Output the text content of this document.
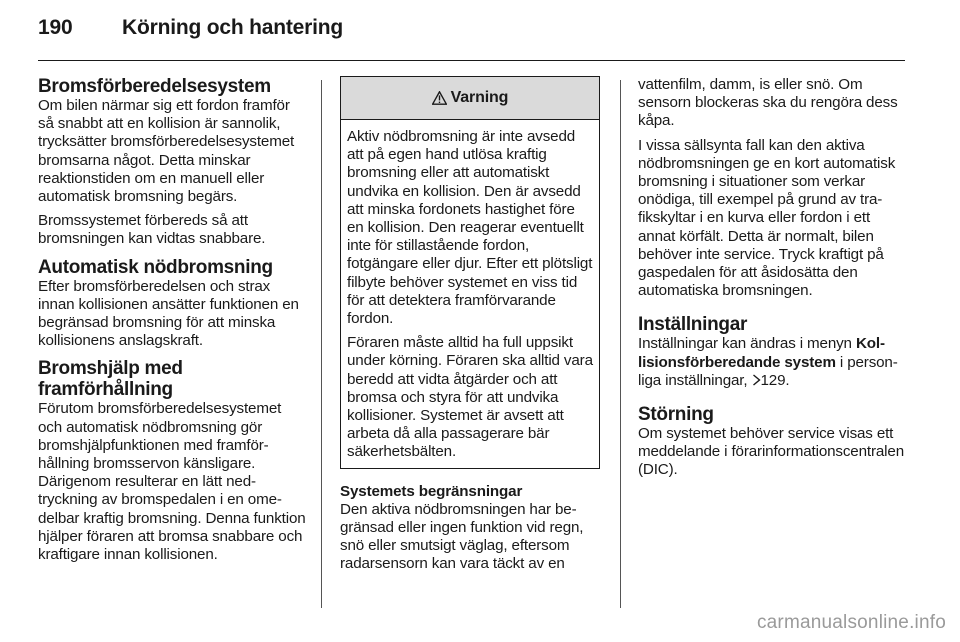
190 Körning och hantering
Bromsförberedelsesystem

Om bilen närmar sig ett fordon framför så snabbt att en kollision är sannolik, trycksätter bromsförberedelsesystemet bromsarna något. Detta minskar reaktionstiden om en manuell eller automatisk bromsning begärs.

Bromssystemet förbereds så att bromsningen kan vidtas snabbare.

Automatisk nödbromsning

Efter bromsförberedelsen och strax innan kollisionen ansätter funktionen en begränsad bromsning för att minska kollisionens anslagskraft.

Bromshjälp med framförhållning

Förutom bromsförberedelsesystemet och automatisk nödbromsning gör bromshjälpfunktionen med framförhållning bromsservon känsligare. Därigenom resulterar en lätt nedtryckning av bromspedalen i en omedelbar kraftig bromsning. Denna funktion hjälper föraren att bromsa snabbare och kraftigare innan kollisionen.

Varning

Aktiv nödbromsning är inte avsedd att på egen hand utlösa kraftig bromsning eller att automatiskt undvika en kollision. Den är avsedd att minska fordonets hastighet före en kollision. Den reagerar eventuellt inte för stillastående fordon, fotgängare eller djur. Efter ett plötsligt filbyte behöver systemet en viss tid för att detektera framförvarande fordon.

Föraren måste alltid ha full uppsikt under körning. Föraren ska alltid vara beredd att vidta åtgärder och att bromsa och styra för att undvika kollisioner. Systemet är avsett att arbeta då alla passagerare bär säkerhetsbälten.

Systemets begränsningar

Den aktiva nödbromsningen har begränsad eller ingen funktion vid regn, snö eller smutsigt väglag, eftersom radarsensorn kan vara täckt av en

vattenfilm, damm, is eller snö. Om sensorn blockeras ska du rengöra dess kåpa.

I vissa sällsynta fall kan den aktiva nödbromsningen ge en kort automatisk bromsning i situationer som verkar onödiga, till exempel på grund av trafikskyltar i en kurva eller fordon i ett annat körfält. Detta är normalt, bilen behöver inte service. Tryck kraftigt på gaspedalen för att åsidosätta den automatiska bromsningen.

Inställningar

Inställningar kan ändras i menyn Kollisionsförberedande system i personliga inställningar, 129.

Störning

Om systemet behöver service visas ett meddelande i förarinformationscentralen (DIC).

carmanualsonline.info
